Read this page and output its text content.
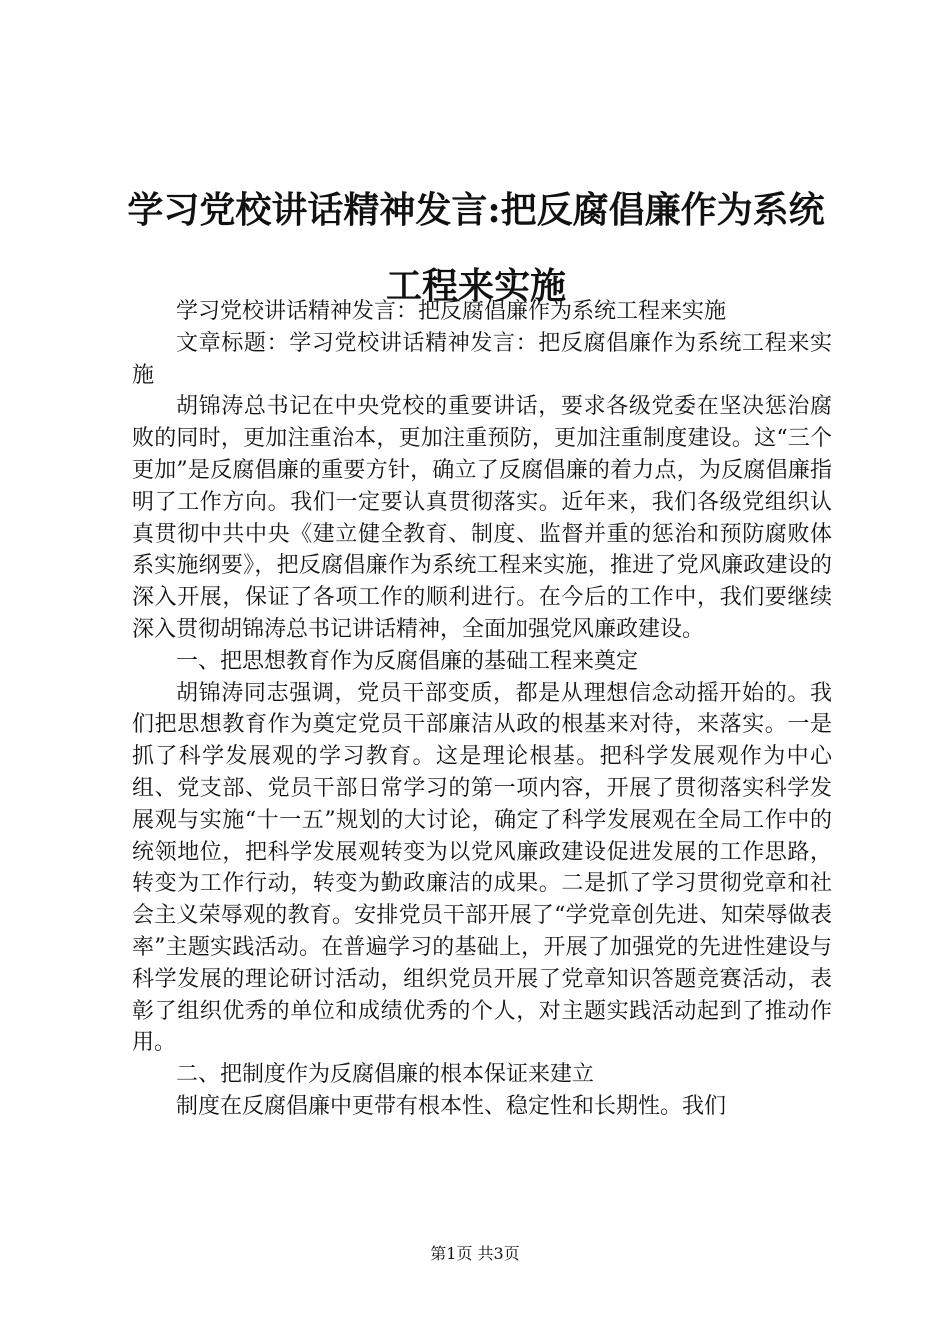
学习党校讲话精神发言:把反腐倡廉作为系统工程来实施

学习党校讲话精神发言：把反腐倡廉作为系统工程来实施

文章标题：学习党校讲话精神发言：把反腐倡廉作为系统工程来实施

胡锦涛总书记在中央党校的重要讲话，要求各级党委在坚决惩治腐败的同时，更加注重治本，更加注重预防，更加注重制度建设。这“三个更加”是反腐倡廉的重要方针，确立了反腐倡廉的着力点，为反腐倡廉指明了工作方向。我们一定要认真贯彻落实。近年来，我们各级党组织认真贯彻中共中央《建立健全教育、制度、监督并重的惩治和预防腐败体系实施纲要》，把反腐倡廉作为系统工程来实施，推进了党风廉政建设的深入开展，保证了各项工作的顺利进行。在今后的工作中，我们要继续深入贯彻胡锦涛总书记讲话精神，全面加强党风廉政建设。

一、把思想教育作为反腐倡廉的基础工程来奠定

胡锦涛同志强调，党员干部变质，都是从理想信念动摇开始的。我们把思想教育作为奠定党员干部廉洁从政的根基来对待，来落实。一是抓了科学发展观的学习教育。这是理论根基。把科学发展观作为中心组、党支部、党员干部日常学习的第一项内容，开展了贯彻落实科学发展观与实施“十一五”规划的大讨论，确定了科学发展观在全局工作中的统领地位，把科学发展观转变为以党风廉政建设促进发展的工作思路，转变为工作行动，转变为勤政廉洁的成果。二是抓了学习贯彻党章和社会主义荣辱观的教育。安排党员干部开展了“学党章创先进、知荣辱做表率”主题实践活动。在普遍学习的基础上，开展了加强党的先进性建设与科学发展的理论研讨活动，组织党员开展了党章知识答题竞赛活动，表彰了组织优秀的单位和成绩优秀的个人，对主题实践活动起到了推动作用。

二、把制度作为反腐倡廉的根本保证来建立

制度在反腐倡廉中更带有根本性、稳定性和长期性。我们

第1页 共3页
